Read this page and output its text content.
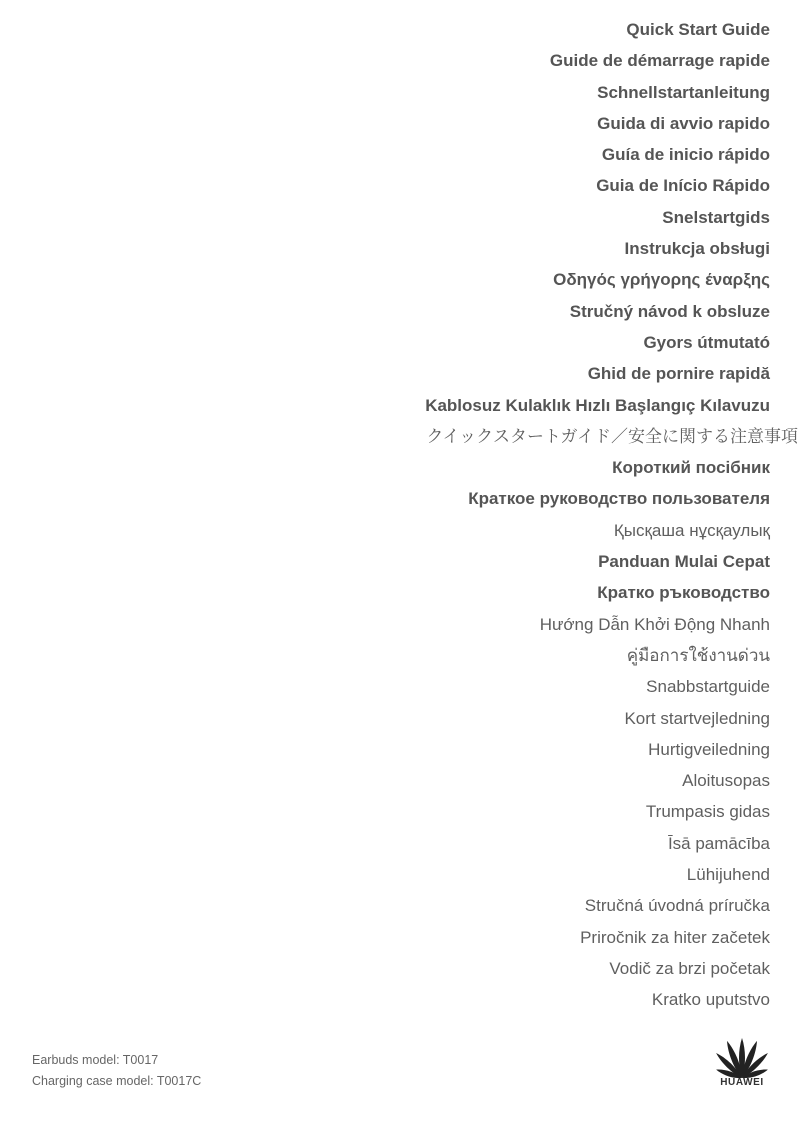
Quick Start Guide
Guide de démarrage rapide
Schnellstartanleitung
Guida di avvio rapido
Guía de inicio rápido
Guia de Início Rápido
Snelstartgids
Instrukcja obsługi
Οδηγός γρήγορης έναρξης
Stručný návod k obsluze
Gyors útmutató
Ghid de pornire rapidă
Kablosuz Kulaklık Hızlı Başlangıç Kılavuzu
クイックスタートガイド／安全に関する注意事項
Короткий посібник
Краткое руководство пользователя
Қысқаша нұсқаулық
Panduan Mulai Cepat
Кратко ръководство
Hướng Dẫn Khởi Động Nhanh
คู่มือการใช้งานด่วน
Snabbstartguide
Kort startvejledning
Hurtigveiledning
Aloitusopas
Trumpasis gidas
Īsā pamācība
Lühijuhend
Stručná úvodná príručka
Priročnik za hiter začetek
Vodič za brzi početak
Kratko uputstvo
Earbuds model: T0017
Charging case model: T0017C	HUAWEI
